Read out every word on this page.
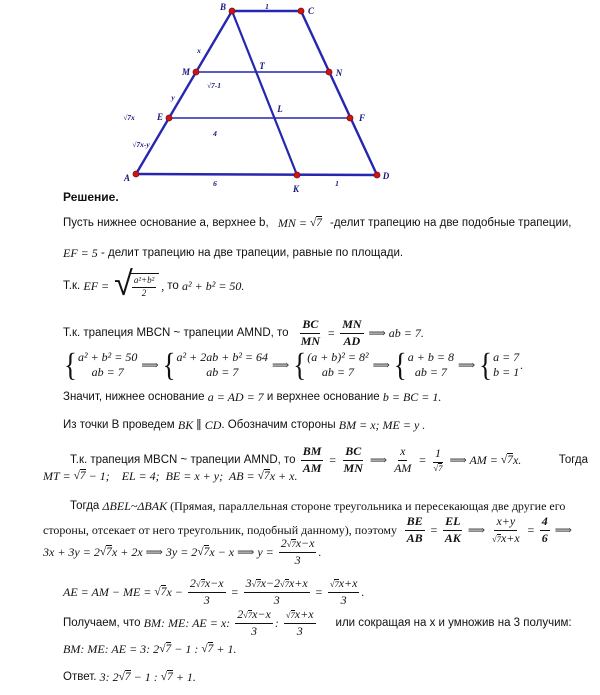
x
1
√7-1
y
√7x
4
√7x-y
6	1
A
B	C
D
M	N
E	F
K
T
L
Решение.
Пусть нижнее основание a, верхнее b, MN = √ 7 -делит трапецию на две подобные трапеции,
EF = 5 - делит трапецию на две трапеции, равные по площади.
Т.к. EF = √
$\frac{\text{a²+b²}}{2}$ , то a² + b² = 50.
Т.к. трапеция MBCN ~ трапеции AMND, то $\frac{BC}{MN} = \frac{MN}{AD}$ ⟹ ab = 7.
{ a² + b² = 50
ab = 7
⟹ { a² + 2ab + b² = 64
ab = 7
⟹ { (a + b)² = 8²
ab = 7
⟹ { a + b = 8
ab = 7
⟹ { a = 7
b = 1
.
Значит, нижнее основание a = AD = 7 и верхнее основание b = BC = 1.
Из точки B проведем BK ∥ CD . Обозначим стороны BM = x; ME = y .
Т.к. трапеция MBCN ~ трапеции AMND, то $\frac{BM}{AM} = \frac{BC}{MN}$ ⟹ $\frac{x}{AM} = \frac{1}{√ 7}$ ⟹ AM = √ 7 x.	Тогда
MT = √ 7 − 1; EL = 4;  BE = x + y;  AB = √ 7 x + x.
Тогда ΔBEL~ΔBAK (Прямая, параллельная стороне треугольника и пересекающая две другие его
стороны, отсекает от него треугольник, подобный данному), поэтому $\frac{BE}{AB} = \frac{EL}{AK}$ ⟹ $\frac{x+y}{√ 7 x+x} = \frac{4}{6}$ ⟹
3x + 3y = 2 √ 7 x + 2x ⟹ 3y = 2 √ 7 x − x ⟹ $y = \frac{2 √ 7 x-x}{3}$ .
AE = AM − ME = √ 7 $x - \frac{2 √ 7 x-x}{3} = \frac{3 √ 7 x-2 √ 7 x+x}{3} = \frac{√ 7 x+x}{3}$ .
Получаем, что BM: ME: AE = x: $\frac{2 √ 7 x-x}{3}$ : $\frac{√ 7 x+x}{3}$ или сокращая на x и умножив на 3 получим:
BM: ME: AE = 3: 2 √ 7 − 1 : √ 7 + 1.
Ответ. 3: 2 √ 7 − 1 : √ 7 + 1.
